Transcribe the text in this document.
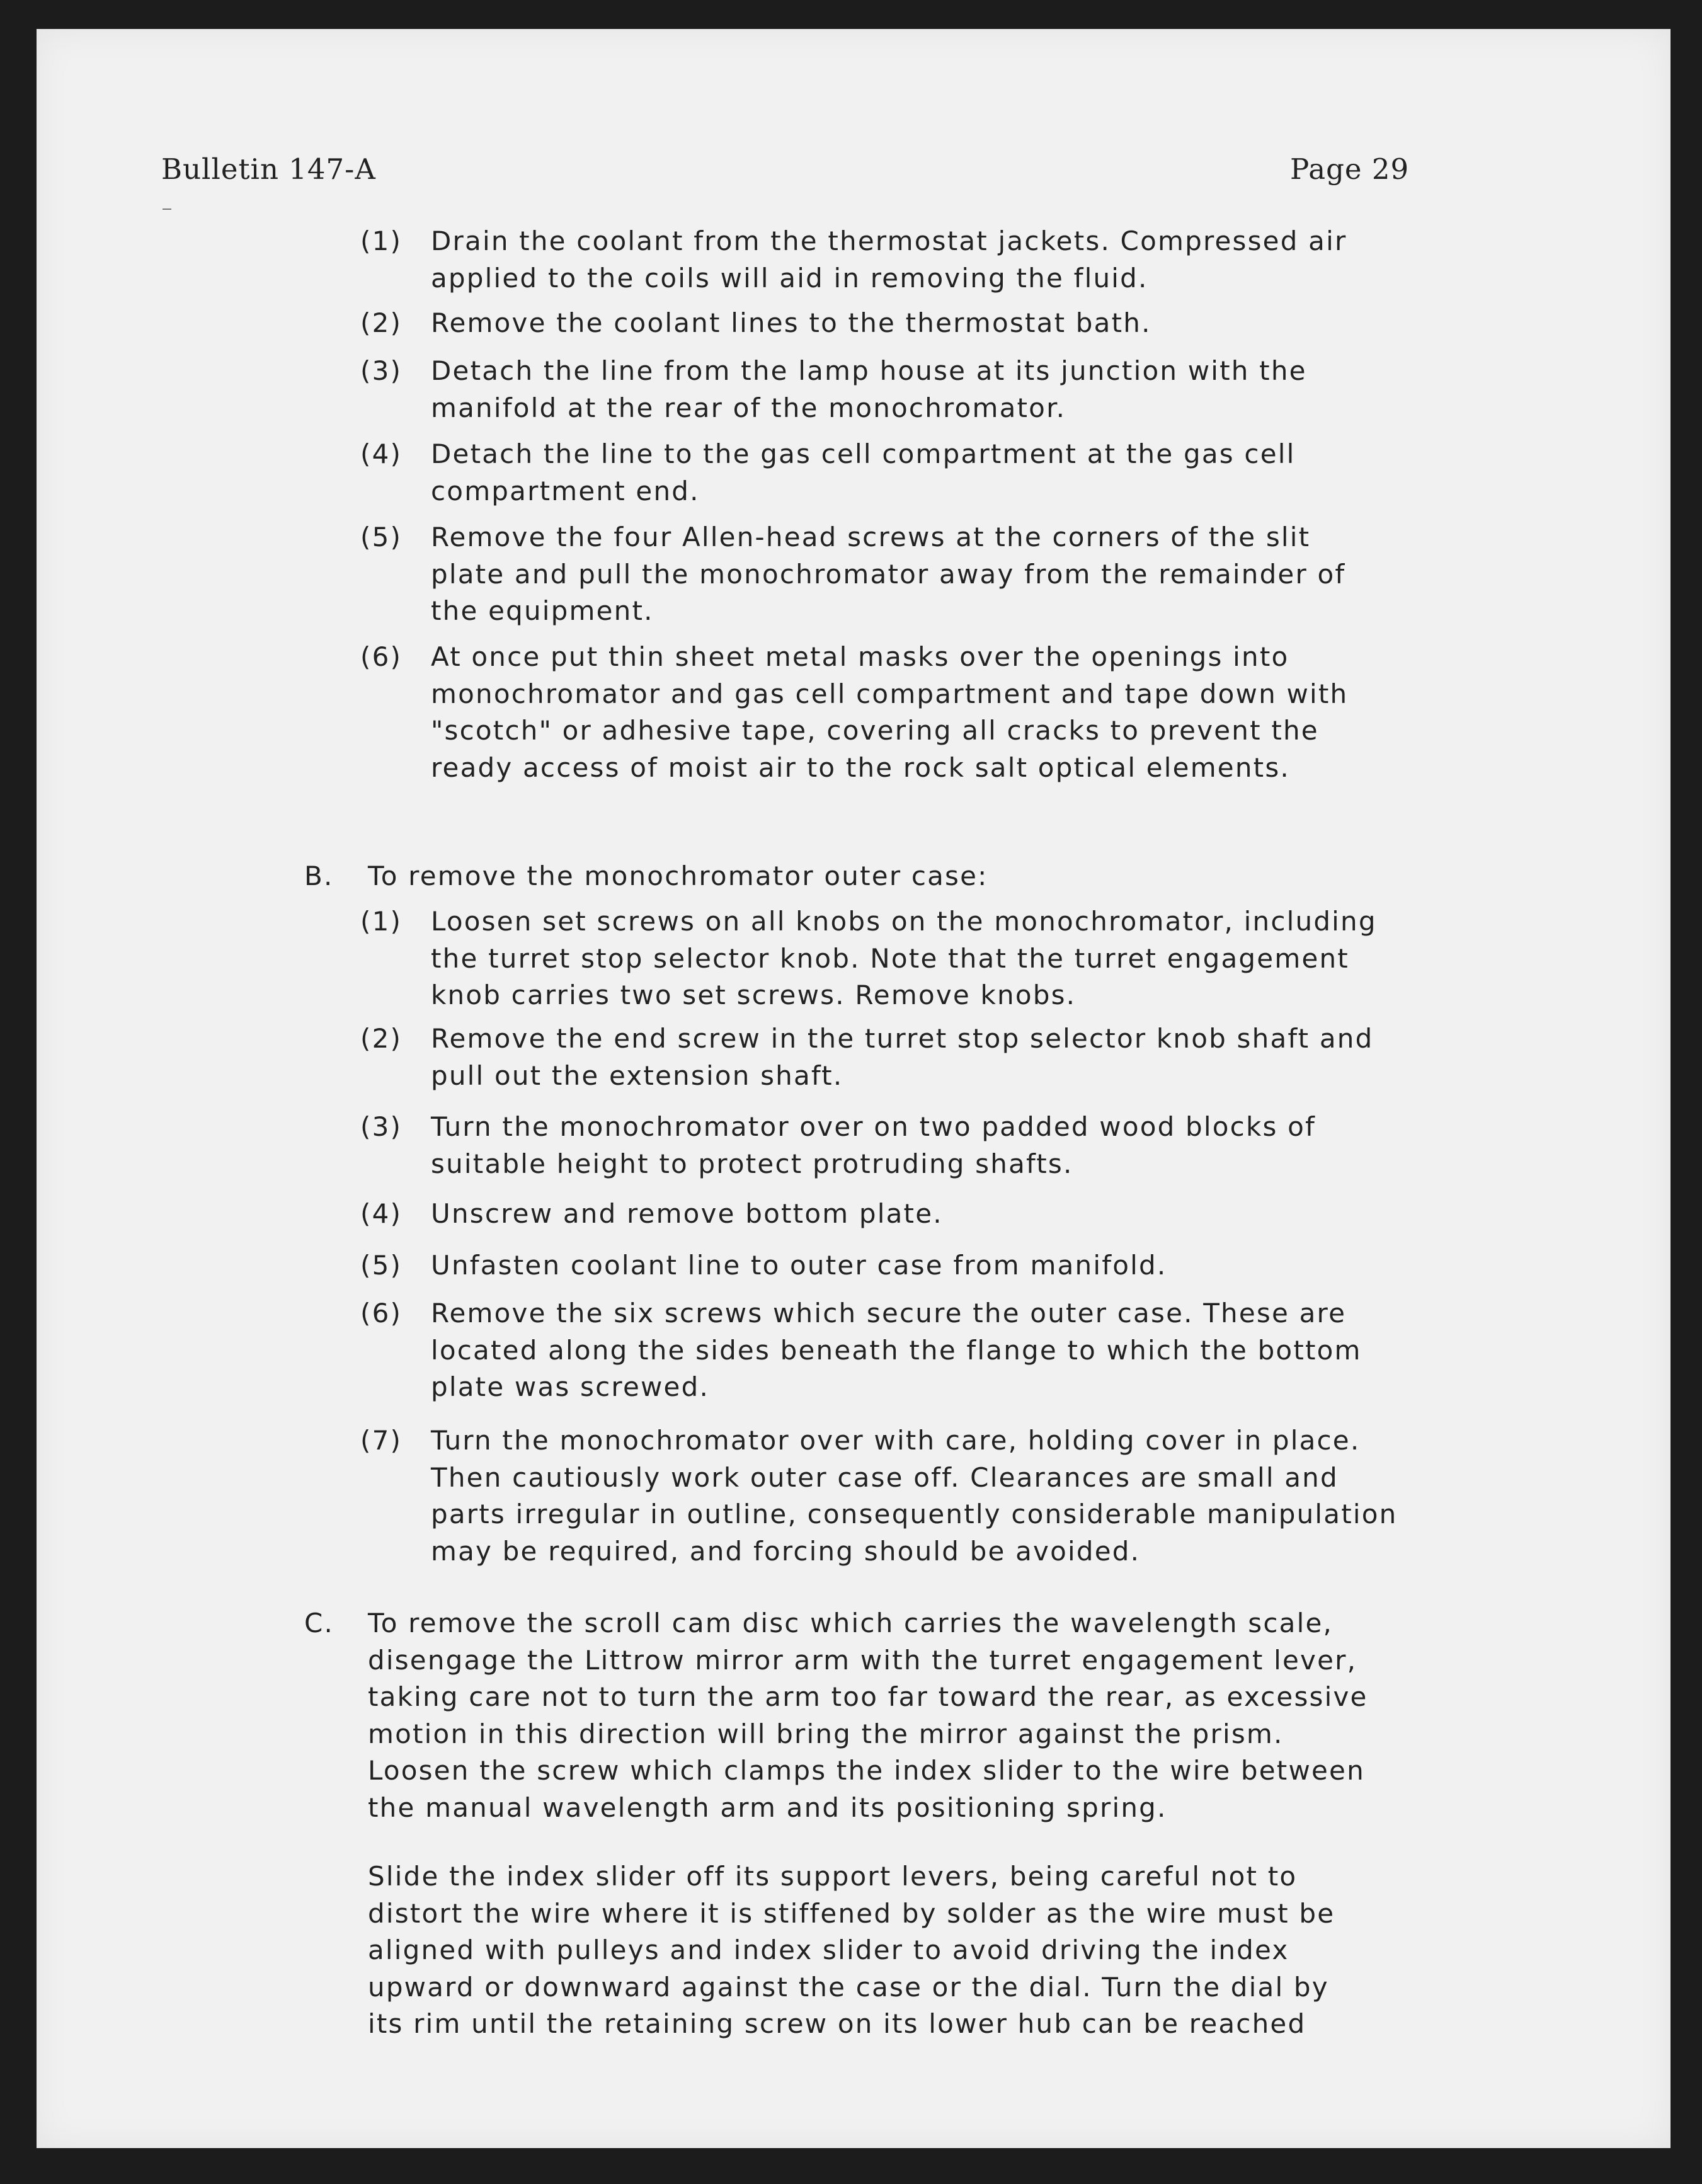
Bulletin 147-A	Page 29
(1) Drain the coolant from the thermostat jackets. Compressed air
applied to the coils will aid in removing the fluid.

(2) Remove the coolant lines to the thermostat bath.

(3) Detach the line from the lamp house at its junction with the
manifold at the rear of the monochromator.

(4) Detach the line to the gas cell compartment at the gas cell
compartment end.

(5) Remove the four Allen-head screws at the corners of the slit
plate and pull the monochromator away from the remainder of
the equipment.

(6) At once put thin sheet metal masks over the openings into
monochromator and gas cell compartment and tape down with
"scotch" or adhesive tape, covering all cracks to prevent the
ready access of moist air to the rock salt optical elements.

B. To remove the monochromator outer case:

(1) Loosen set screws on all knobs on the monochromator, including
the turret stop selector knob. Note that the turret engagement
knob carries two set screws. Remove knobs.

(2) Remove the end screw in the turret stop selector knob shaft and
pull out the extension shaft.

(3) Turn the monochromator over on two padded wood blocks of
suitable height to protect protruding shafts.

(4) Unscrew and remove bottom plate.

(5) Unfasten coolant line to outer case from manifold.

(6) Remove the six screws which secure the outer case. These are
located along the sides beneath the flange to which the bottom
plate was screwed.

(7) Turn the monochromator over with care, holding cover in place.
Then cautiously work outer case off. Clearances are small and
parts irregular in outline, consequently considerable manipulation
may be required, and forcing should be avoided.

C. To remove the scroll cam disc which carries the wavelength scale,
disengage the Littrow mirror arm with the turret engagement lever,
taking care not to turn the arm too far toward the rear, as excessive
motion in this direction will bring the mirror against the prism.
Loosen the screw which clamps the index slider to the wire between
the manual wavelength arm and its positioning spring.

Slide the index slider off its support levers, being careful not to
distort the wire where it is stiffened by solder as the wire must be
aligned with pulleys and index slider to avoid driving the index
upward or downward against the case or the dial. Turn the dial by
its rim until the retaining screw on its lower hub can be reached
